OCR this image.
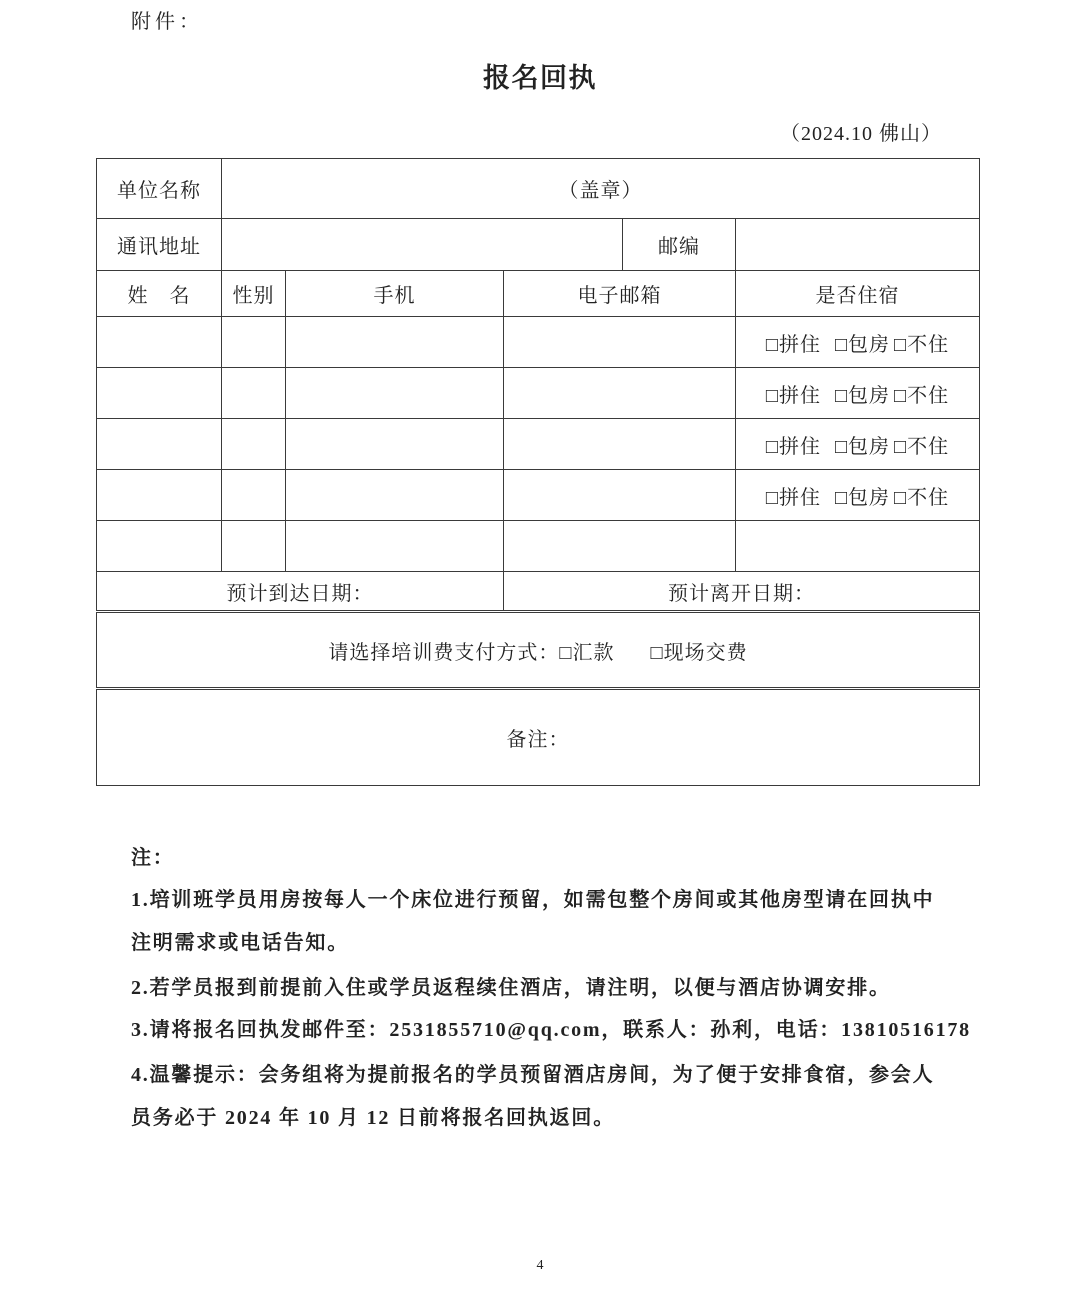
附件：
报名回执
（2024.10 佛山）
单位名称	（盖章）				
通讯地址				邮编	
姓　名	性别	手机	电子邮箱		是否住宿
					□拼住 □包房 □不住
					□拼住 □包房 □不住
					□拼住 □包房 □不住
					□拼住 □包房 □不住

预计到达日期：			预计离开日期：		
请选择培训费支付方式：□汇款 □现场交费					
备注：					
注：
1.培训班学员用房按每人一个床位进行预留，如需包整个房间或其他房型请在回执中
注明需求或电话告知。
2.若学员报到前提前入住或学员返程续住酒店，请注明，以便与酒店协调安排。
3.请将报名回执发邮件至：2531855710@qq.com，联系人：孙利，电话：13810516178
4.温馨提示：会务组将为提前报名的学员预留酒店房间，为了便于安排食宿，参会人
员务必于 2024 年 10 月 12 日前将报名回执返回。
4
